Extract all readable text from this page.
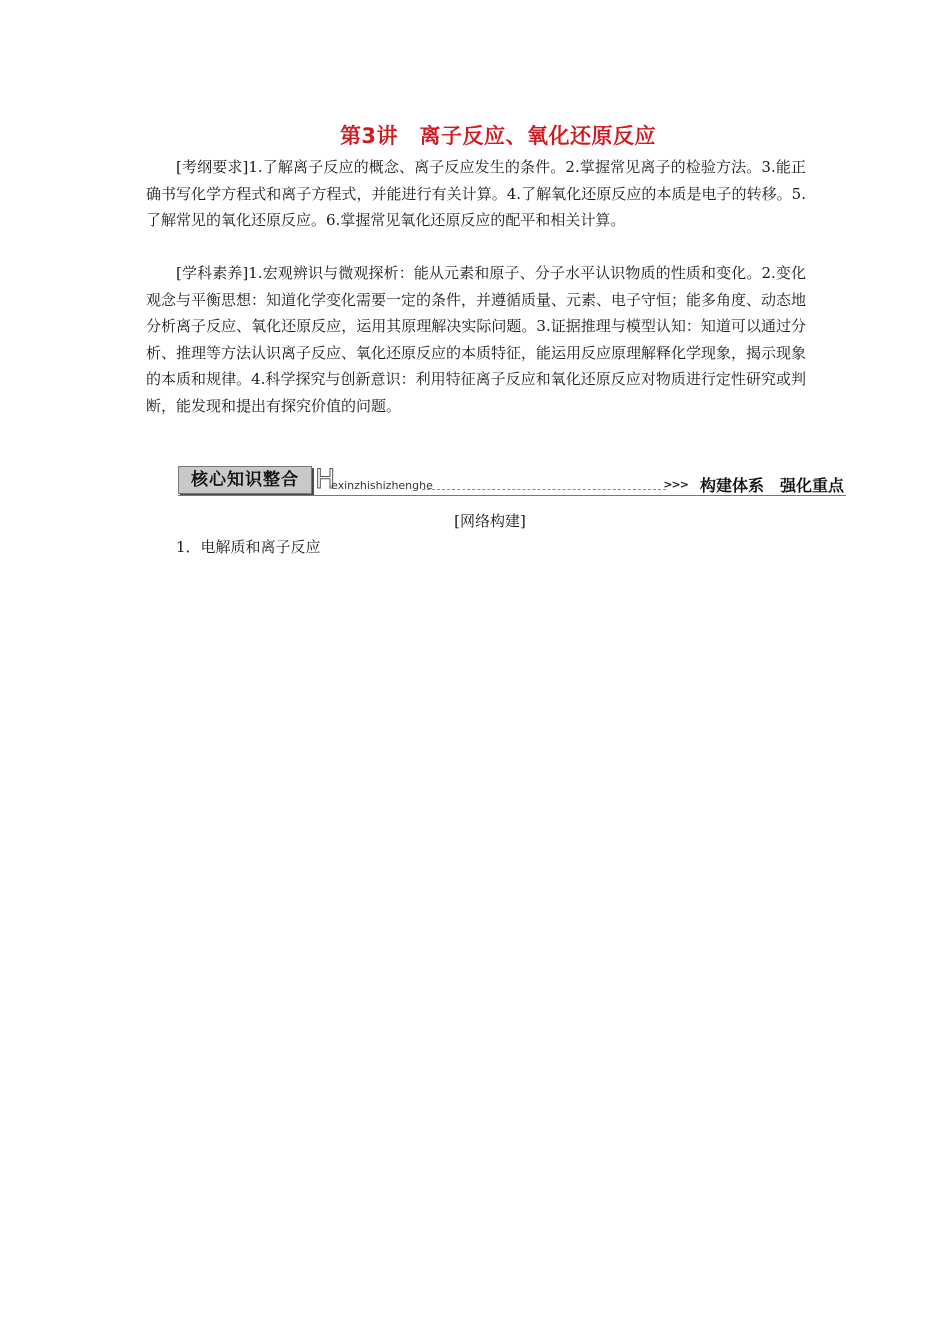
第3讲　离子反应、氧化还原反应

[考纲要求]1.了解离子反应的概念、离子反应发生的条件。2.掌握常见离子的检验方法。3.能正确书写化学方程式和离子方程式，并能进行有关计算。4.了解氧化还原反应的本质是电子的转移。5.了解常见的氧化还原反应。6.掌握常见氧化还原反应的配平和相关计算。

[学科素养]1.宏观辨识与微观探析：能从元素和原子、分子水平认识物质的性质和变化。2.变化观念与平衡思想：知道化学变化需要一定的条件，并遵循质量、元素、电子守恒；能多角度、动态地分析离子反应、氧化还原反应，运用其原理解决实际问题。3.证据推理与模型认知：知道可以通过分析、推理等方法认识离子反应、氧化还原反应的本质特征，能运用反应原理解释化学现象，揭示现象的本质和规律。4.科学探究与创新意识：利用特征离子反应和氧化还原反应对物质进行定性研究或判断，能发现和提出有探究价值的问题。

核心知识整合 H
exinzhishizhenghe	>>> 构建体系　强化重点

[网络构建]

1．电解质和离子反应
